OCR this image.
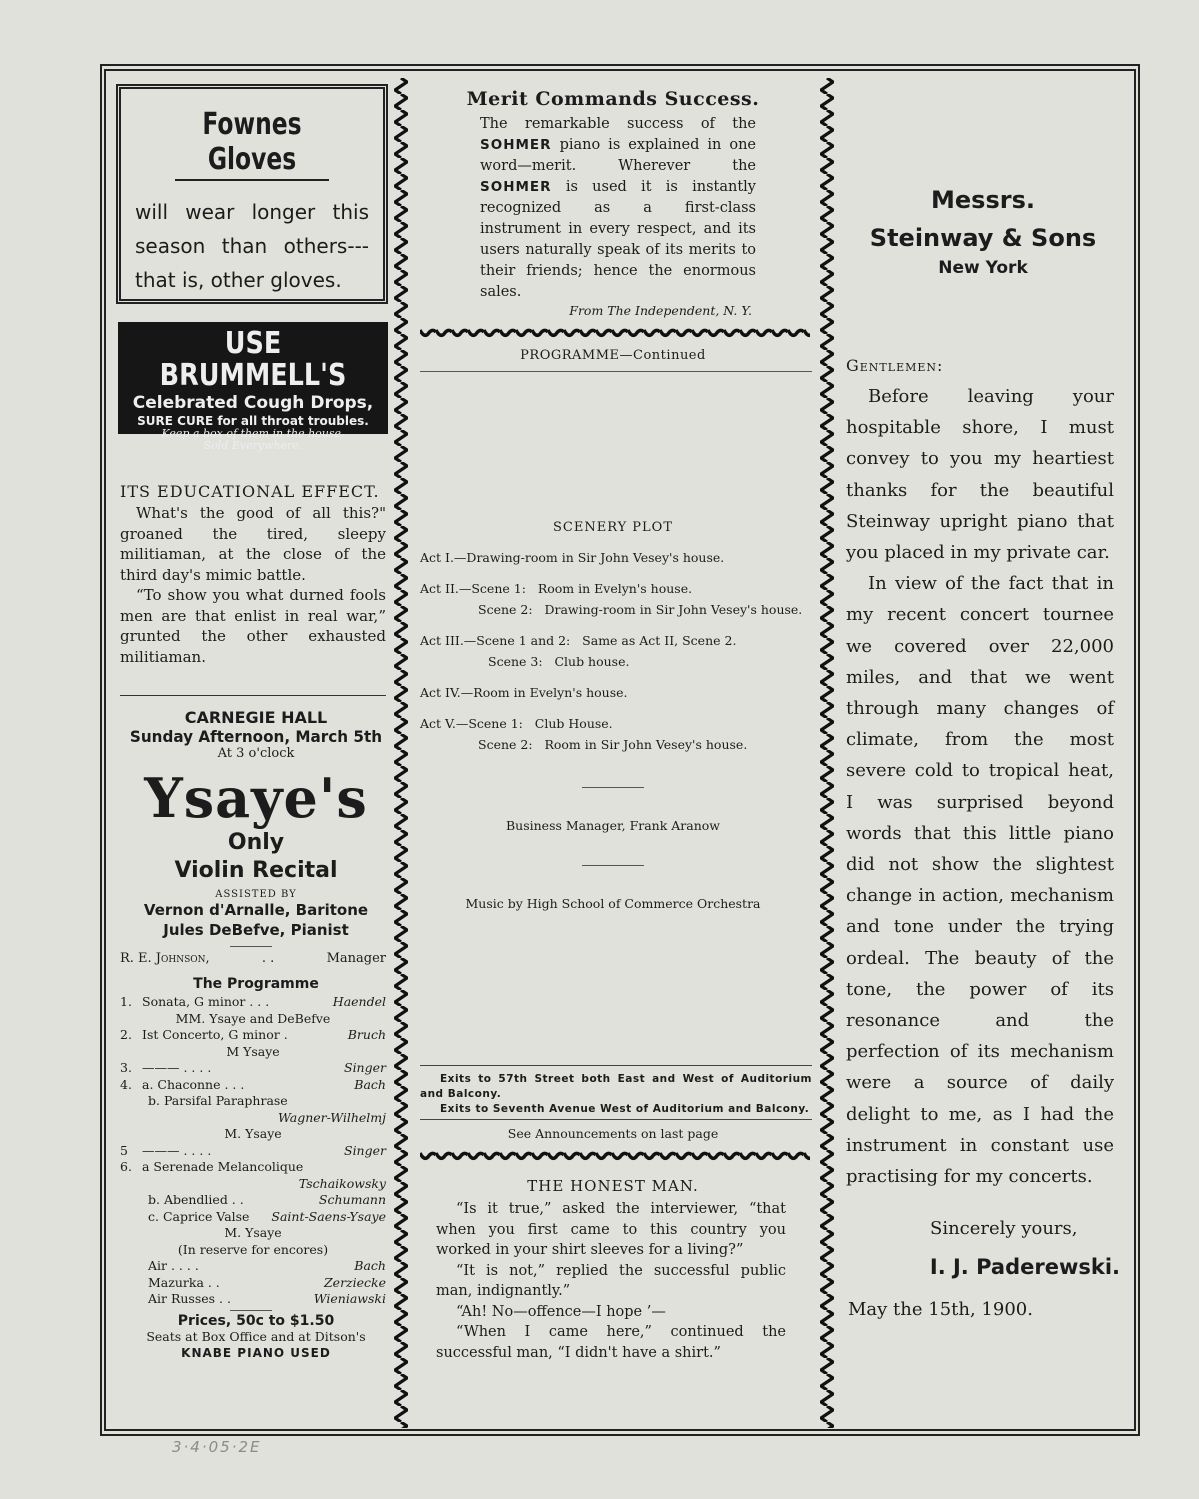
Fownes Gloves
will wear longer this season than others---that is, other gloves.
USE BRUMMELL'S
Celebrated Cough Drops,
SURE CURE for all throat troubles.
Keep a box of them in the house.
Sold Everywhere.
ITS EDUCATIONAL EFFECT.

What's the good of all this?" groaned the tired, sleepy militiaman, at the close of the third day's mimic battle.

“To show you what durned fools men are that enlist in real war,” grunted the other exhausted militiaman.

CARNEGIE HALL
Sunday Afternoon, March 5th
At 3 o'clock
Ysaye's
Only
Violin Recital
ASSISTED BY
Vernon d'Arnalle, Baritone
Jules DeBefve, Pianist
R. E. Johnson,	. .	Manager
The Programme
1. Sonata, G minor . . .	Haendel
MM. Ysaye and DeBefve
2. Ist Concerto, G minor .	Bruch
M Ysaye
3. ——— . . . .	Singer
4. a. Chaconne . . .	Bach
b. Parsifal Paraphrase
Wagner-Wilhelmj
M. Ysaye
5 ——— . . . .	Singer
6. a Serenade Melancolique
Tschaikowsky
b. Abendlied . .	Schumann
c. Caprice Valse	Saint-Saens-Ysaye
M. Ysaye
(In reserve for encores)
Air . . . .	Bach
Mazurka . .	Zerziecke
Air Russes . .	Wieniawski
Prices, 50c to $1.50
Seats at Box Office and at Ditson's
KNABE PIANO USED
Merit Commands Success.
The remarkable success of the SOHMER piano is explained in one word—merit. Wherever the SOHMER is used it is instantly recognized as a first-class instrument in every respect, and its users naturally speak of its merits to their friends; hence the enormous sales.
From The Independent, N. Y.
PROGRAMME—Continued
SCENERY PLOT
Act I.—Drawing-room in Sir John Vesey's house.
Act II.—Scene 1:   Room in Evelyn's house.
Scene 2:   Drawing-room in Sir John Vesey's house.
Act III.—Scene 1 and 2:   Same as Act II, Scene 2.
Scene 3:   Club house.
Act IV.—Room in Evelyn's house.
Act V.—Scene 1:   Club House.
Scene 2:   Room in Sir John Vesey's house.
Business Manager, Frank Aranow
Music by High School of Commerce Orchestra

Exits to 57th Street both East and West of Auditorium and Balcony.

Exits to Seventh Avenue West of Auditorium and Balcony.

See Announcements on last page
THE HONEST MAN.

“Is it true,” asked the interviewer, “that when you first came to this country you worked in your shirt sleeves for a living?”

“It is not,” replied the successful public man, indignantly.”

“Ah! No—offence—I hope ’—

“When I came here,” continued the successful man, “I didn't have a shirt.”

Messrs.
Steinway & Sons
New York
Gentlemen:

Before leaving your hospitable shore, I must convey to you my heartiest thanks for the beautiful Steinway upright piano that you placed in my private car.

In view of the fact that in my recent concert tournee we covered over 22,000 miles, and that we went through many changes of climate, from the most severe cold to tropical heat, I was surprised beyond words that this little piano did not show the slightest change in action, mechanism and tone under the trying ordeal. The beauty of the tone, the power of its resonance and the perfection of its mechanism were a source of daily delight to me, as I had the instrument in constant use practising for my concerts.

Sincerely yours,
I. J. Paderewski.
May the 15th, 1900.
3·4·05·2E
